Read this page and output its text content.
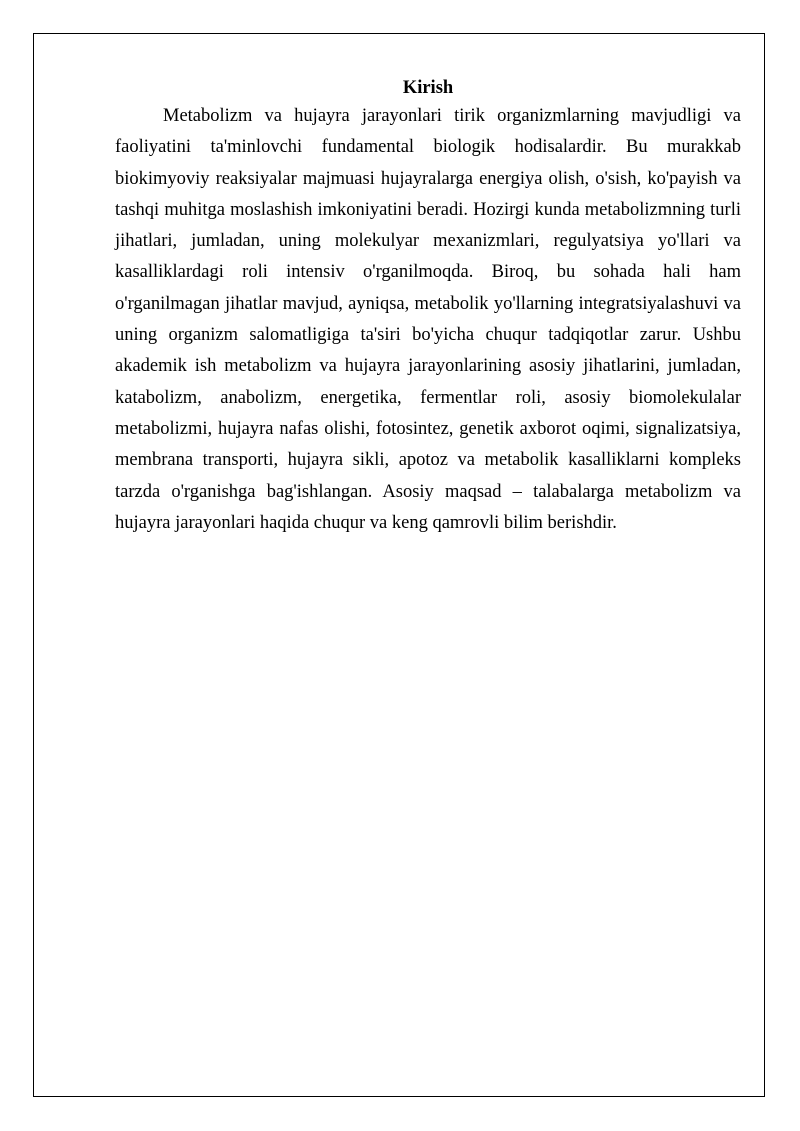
Kirish

Metabolizm va hujayra jarayonlari tirik organizmlarning mavjudligi va faoliyatini ta'minlovchi fundamental biologik hodisalardir. Bu murakkab biokimyoviy reaksiyalar majmuasi hujayralarga energiya olish, o'sish, ko'payish va tashqi muhitga moslashish imkoniyatini beradi. Hozirgi kunda metabolizmning turli jihatlari, jumladan, uning molekulyar mexanizmlari, regulyatsiya yo'llari va kasalliklardagi roli intensiv o'rganilmoqda. Biroq, bu sohada hali ham o'rganilmagan jihatlar mavjud, ayniqsa, metabolik yo'llarning integratsiyalashuvi va uning organizm salomatligiga ta'siri bo'yicha chuqur tadqiqotlar zarur. Ushbu akademik ish metabolizm va hujayra jarayonlarining asosiy jihatlarini, jumladan, katabolizm, anabolizm, energetika, fermentlar roli, asosiy biomolekulalar metabolizmi, hujayra nafas olishi, fotosintez, genetik axborot oqimi, signalizatsiya, membrana transporti, hujayra sikli, apotoz va metabolik kasalliklarni kompleks tarzda o'rganishga bag'ishlangan. Asosiy maqsad – talabalarga metabolizm va hujayra jarayonlari haqida chuqur va keng qamrovli bilim berishdir.
